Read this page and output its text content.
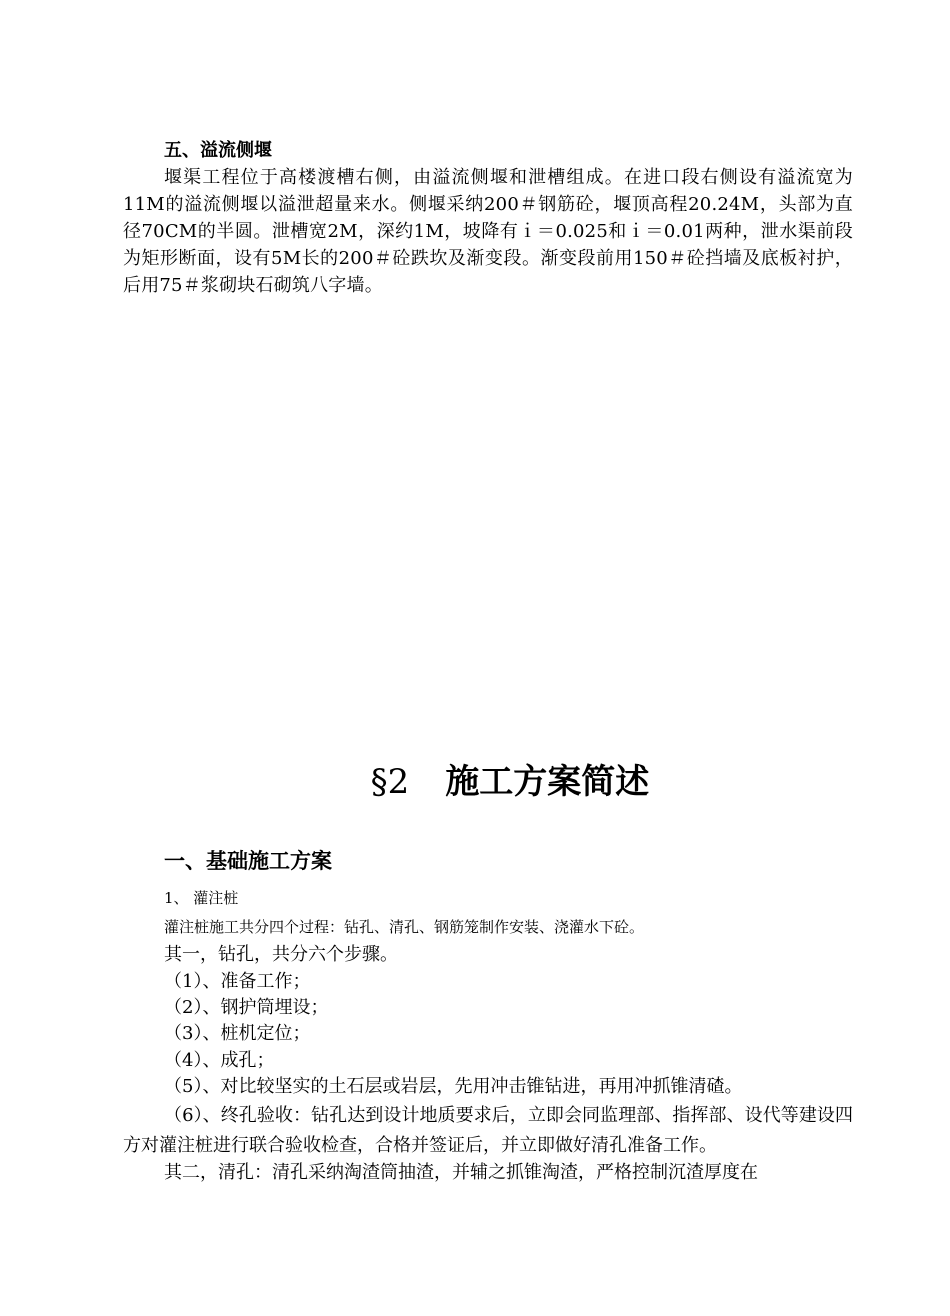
五、溢流侧堰
堰渠工程位于高楼渡槽右侧，由溢流侧堰和泄槽组成。在进口段右侧设有溢流宽为11M的溢流侧堰以溢泄超量来水。侧堰采纳200＃钢筋砼，堰顶高程20.24M，头部为直径70CM的半圆。泄槽宽2M，深约1M，坡降有ｉ＝0.025和ｉ＝0.01两种，泄水渠前段为矩形断面，设有5M长的200＃砼跌坎及渐变段。渐变段前用150＃砼挡墙及底板衬护，后用75＃浆砌块石砌筑八字墙。
§2 施工方案简述
一、基础施工方案
1、 灌注桩
灌注桩施工共分四个过程：钻孔、清孔、钢筋笼制作安装、浇灌水下砼。
其一，钻孔，共分六个步骤。
（1）、准备工作；
（2）、钢护筒埋设；
（3）、桩机定位；
（4）、成孔；
（5）、对比较坚实的土石层或岩层，先用冲击锥钻进，再用冲抓锥清碴。
（6）、终孔验收：钻孔达到设计地质要求后，立即会同监理部、指挥部、设代等建设四方对灌注桩进行联合验收检查，合格并签证后，并立即做好清孔准备工作。
其二，清孔：清孔采纳淘渣筒抽渣，并辅之抓锥淘渣，严格控制沉渣厚度在
